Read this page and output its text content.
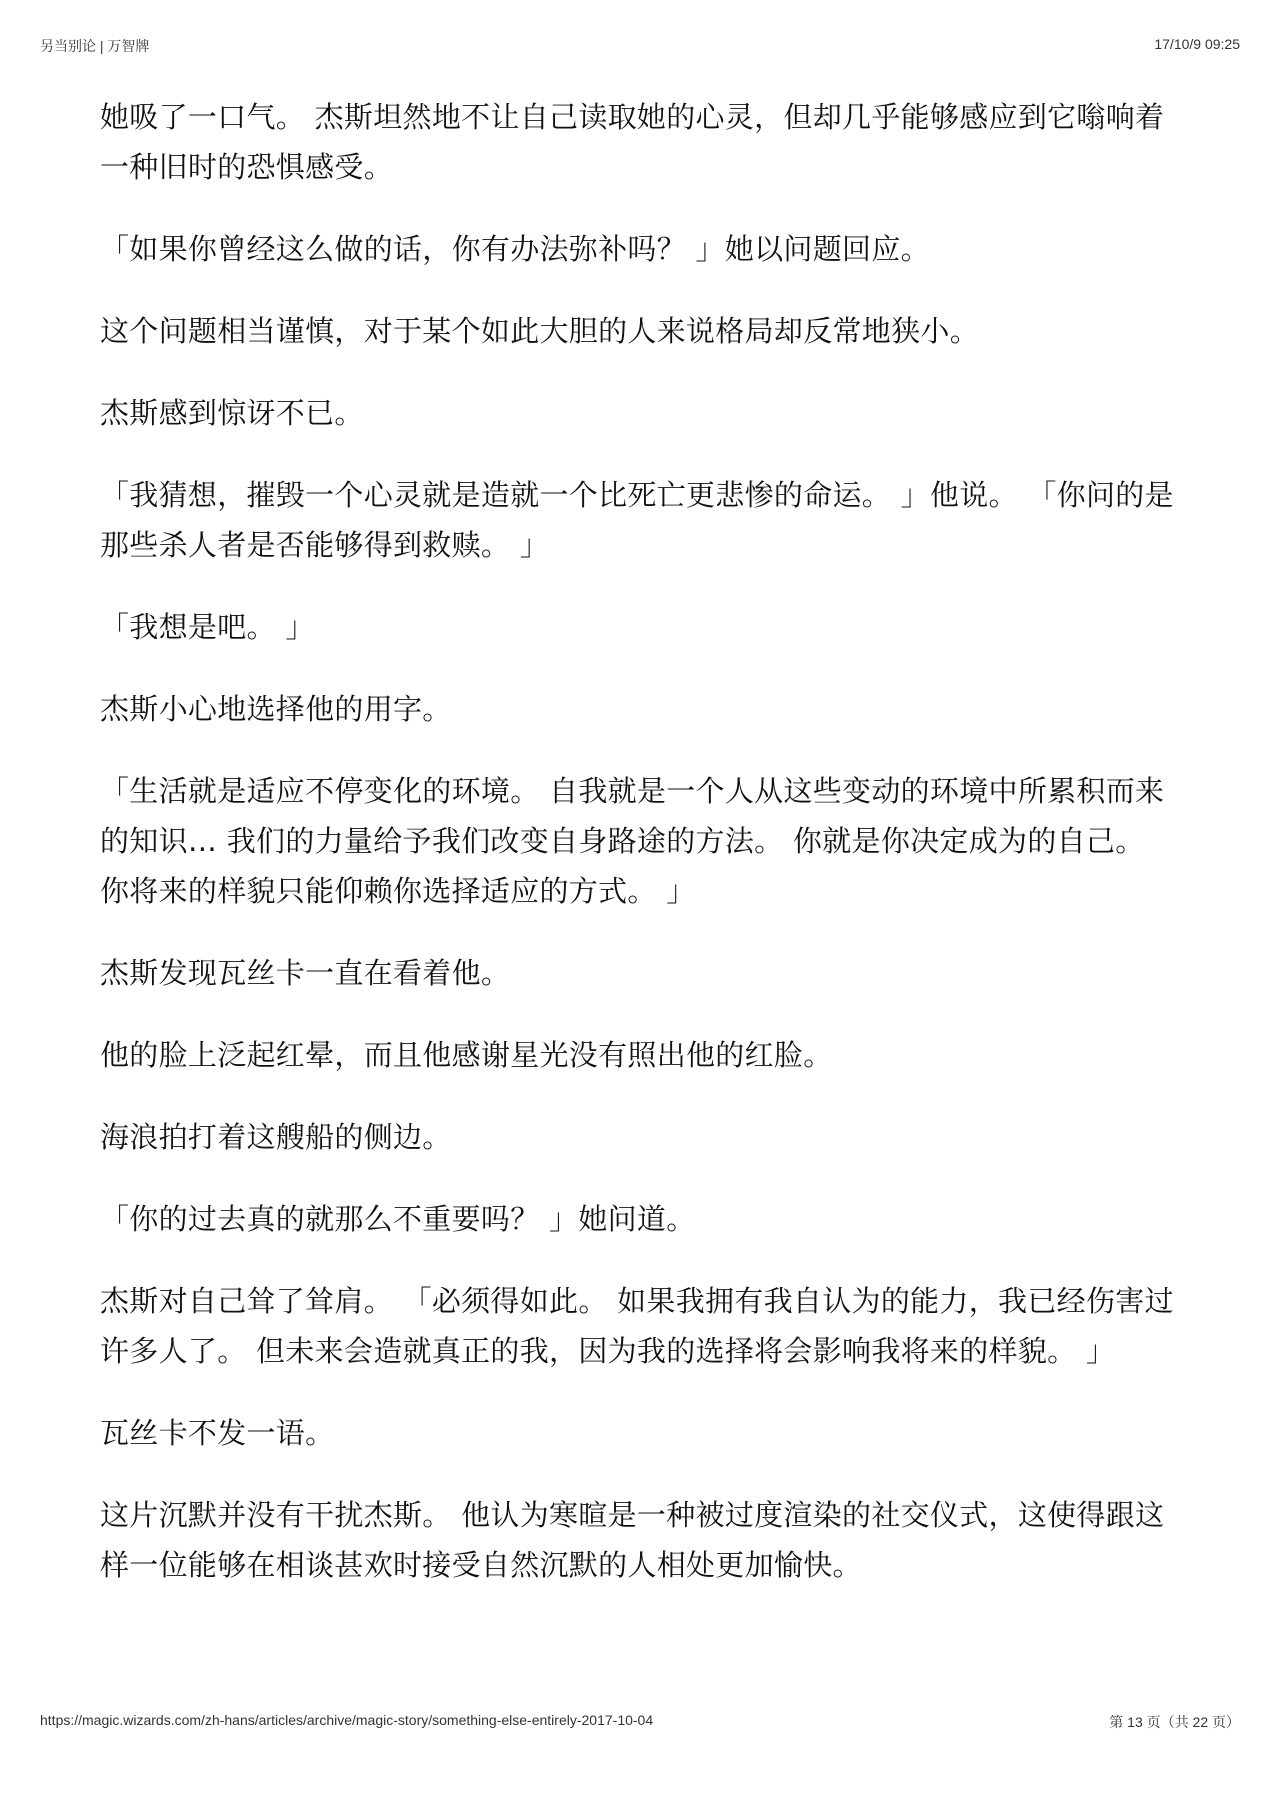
另当别论 | 万智牌	17/10/9 09:25

她吸了一口气。 杰斯坦然地不让自己读取她的心灵，但却几乎能够感应到它嗡响着一种旧时的恐惧感受。

「如果你曾经这么做的话，你有办法弥补吗？ 」她以问题回应。

这个问题相当谨慎，对于某个如此大胆的人来说格局却反常地狭小。

杰斯感到惊讶不已。

「我猜想，摧毁一个心灵就是造就一个比死亡更悲惨的命运。 」他说。 「你问的是那些杀人者是否能够得到救赎。 」

「我想是吧。 」

杰斯小心地选择他的用字。

「生活就是适应不停变化的环境。 自我就是一个人从这些变动的环境中所累积而来的知识… 我们的力量给予我们改变自身路途的方法。 你就是你决定成为的自己。 你将来的样貌只能仰赖你选择适应的方式。 」

杰斯发现瓦丝卡一直在看着他。

他的脸上泛起红晕，而且他感谢星光没有照出他的红脸。

海浪拍打着这艘船的侧边。

「你的过去真的就那么不重要吗？ 」她问道。

杰斯对自己耸了耸肩。 「必须得如此。 如果我拥有我自认为的能力，我已经伤害过许多人了。 但未来会造就真正的我，因为我的选择将会影响我将来的样貌。 」

瓦丝卡不发一语。

这片沉默并没有干扰杰斯。 他认为寒暄是一种被过度渲染的社交仪式，这使得跟这样一位能够在相谈甚欢时接受自然沉默的人相处更加愉快。

https://magic.wizards.com/zh-hans/articles/archive/magic-story/something-else-entirely-2017-10-04	第 13 页（共 22 页）
